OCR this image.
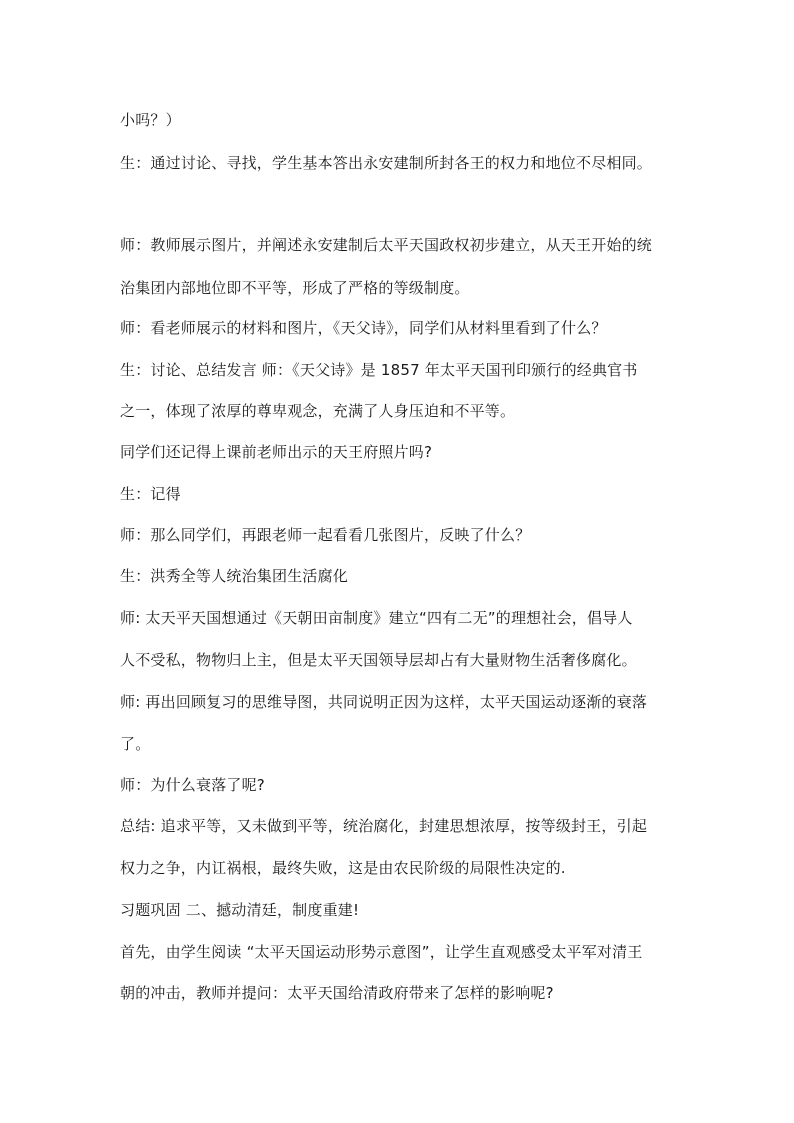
小吗？）
生：通过讨论、寻找，学生基本答出永安建制所封各王的权力和地位不尽相同。
师：教师展示图片，并阐述永安建制后太平天国政权初步建立，从天王开始的统
治集团内部地位即不平等，形成了严格的等级制度。
师：看老师展示的材料和图片，《天父诗》，同学们从材料里看到了什么？
生：讨论、总结发言 师：《天父诗》是 1857 年太平天国刊印颁行的经典官书
之一，体现了浓厚的尊卑观念，充满了人身压迫和不平等。
同学们还记得上课前老师出示的天王府照片吗?
生：记得
师：那么同学们，再跟老师一起看看几张图片，反映了什么？
生：洪秀全等人统治集团生活腐化
师: 太天平天国想通过《天朝田亩制度》建立“四有二无”的理想社会，倡导人
人不受私，物物归上主，但是太平天国领导层却占有大量财物生活奢侈腐化。
师: 再出回顾复习的思维导图，共同说明正因为这样，太平天国运动逐渐的衰落
了。
师：为什么衰落了呢?
总结: 追求平等，又未做到平等，统治腐化，封建思想浓厚，按等级封王，引起
权力之争，内讧祸根，最终失败，这是由农民阶级的局限性决定的.
习题巩固 二、撼动清廷，制度重建!
首先，由学生阅读 “太平天国运动形势示意图”，让学生直观感受太平军对清王
朝的冲击，教师并提问：太平天国给清政府带来了怎样的影响呢?
